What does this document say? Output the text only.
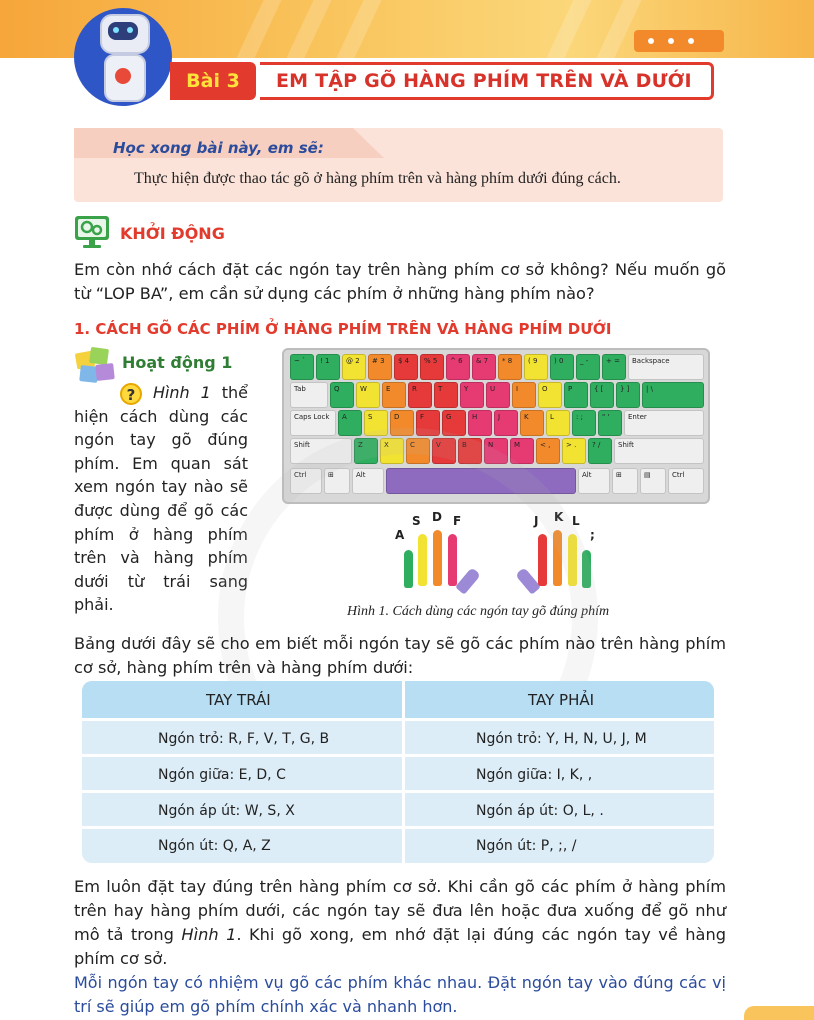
Bài 3	EM TẬP GÕ HÀNG PHÍM TRÊN VÀ DƯỚI
Học xong bài này, em sẽ:
Thực hiện được thao tác gõ ở hàng phím trên và hàng phím dưới đúng cách.
KHỞI ĐỘNG
Em còn nhớ cách đặt các ngón tay trên hàng phím cơ sở không? Nếu muốn gõ từ “LOP BA”, em cần sử dụng các phím ở những hàng phím nào?
1. CÁCH GÕ CÁC PHÍM Ở HÀNG PHÍM TRÊN VÀ HÀNG PHÍM DƯỚI
Hoạt động 1
? Hình 1 thể hiện cách dùng các ngón tay gõ đúng phím. Em quan sát xem ngón tay nào sẽ được dùng để gõ các phím ở hàng phím trên và hàng phím dưới từ trái sang phải.
~ `	! 1	@ 2	# 3	$ 4	% 5	^ 6	& 7	* 8	( 9	) 0	_ -	+ =	Backspace
Tab	Q	W	E	R	T	Y	U	I	O	P	{ [	} ]	| \
Caps Lock	A	S	D	F	G	H	J	K	L	: ;	" '	Enter
Shift	Z	X	C	V	B	N	M	< ,	> .	? /	Shift
Ctrl	⊞	Alt	Alt	⊞	▤	Ctrl
A
S D F	J K L
;
Hình 1. Cách dùng các ngón tay gõ đúng phím
Bảng dưới đây sẽ cho em biết mỗi ngón tay sẽ gõ các phím nào trên hàng phím cơ sở, hàng phím trên và hàng phím dưới:
TAY TRÁI	TAY PHẢI
Ngón trỏ: R, F, V, T, G, B	Ngón trỏ: Y, H, N, U, J, M
Ngón giữa: E, D, C	Ngón giữa: I, K, ,
Ngón áp út: W, S, X	Ngón áp út: O, L, .
Ngón út: Q, A, Z	Ngón út: P, ;, /
Em luôn đặt tay đúng trên hàng phím cơ sở. Khi cần gõ các phím ở hàng phím trên hay hàng phím dưới, các ngón tay sẽ đưa lên hoặc đưa xuống để gõ như mô tả trong Hình 1. Khi gõ xong, em nhớ đặt lại đúng các ngón tay về hàng phím cơ sở.
Mỗi ngón tay có nhiệm vụ gõ các phím khác nhau. Đặt ngón tay vào đúng các vị trí sẽ giúp em gõ phím chính xác và nhanh hơn.
